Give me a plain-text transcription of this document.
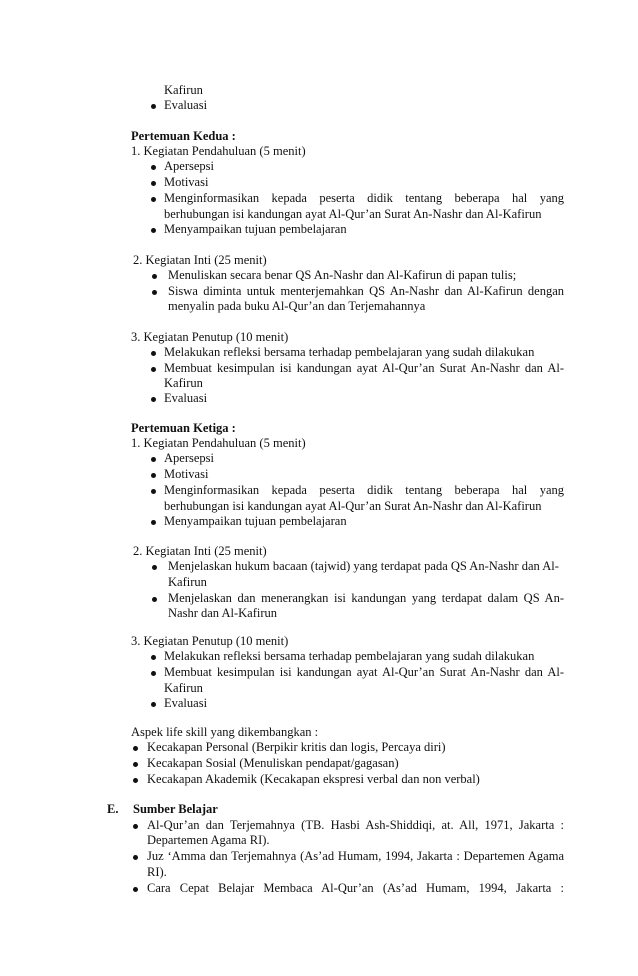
Kafirun
Evaluasi
Pertemuan Kedua :
1. Kegiatan Pendahuluan (5 menit)
Apersepsi
Motivasi
Menginformasikan kepada peserta didik tentang beberapa hal yang
berhubungan isi kandungan ayat Al-Qur’an Surat An-Nashr dan Al-Kafirun
Menyampaikan tujuan pembelajaran
2. Kegiatan Inti (25 menit)
Menuliskan secara benar QS An-Nashr dan Al-Kafirun di papan tulis;
Siswa diminta untuk menterjemahkan QS An-Nashr dan Al-Kafirun dengan
menyalin pada buku Al-Qur’an dan Terjemahannya
3. Kegiatan Penutup (10 menit)
Melakukan refleksi bersama terhadap pembelajaran yang sudah dilakukan
Membuat kesimpulan isi kandungan ayat Al-Qur’an Surat An-Nashr dan Al-
Kafirun
Evaluasi
Pertemuan Ketiga :
1. Kegiatan Pendahuluan (5 menit)
Apersepsi
Motivasi
Menginformasikan kepada peserta didik tentang beberapa hal yang
berhubungan isi kandungan ayat Al-Qur’an Surat An-Nashr dan Al-Kafirun
Menyampaikan tujuan pembelajaran
2. Kegiatan Inti (25 menit)
Menjelaskan hukum bacaan (tajwid) yang terdapat pada QS An-Nashr dan Al-
Kafirun
Menjelaskan dan menerangkan isi kandungan yang terdapat dalam QS An-
Nashr dan Al-Kafirun
3. Kegiatan Penutup (10 menit)
Melakukan refleksi bersama terhadap pembelajaran yang sudah dilakukan
Membuat kesimpulan isi kandungan ayat Al-Qur’an Surat An-Nashr dan Al-
Kafirun
Evaluasi
Aspek life skill yang dikembangkan :
Kecakapan Personal (Berpikir kritis dan logis, Percaya diri)
Kecakapan Sosial (Menuliskan pendapat/gagasan)
Kecakapan Akademik (Kecakapan ekspresi verbal dan non verbal)
E. Sumber Belajar
Al-Qur’an dan Terjemahnya (TB. Hasbi Ash-Shiddiqi, at. All, 1971, Jakarta :
Departemen Agama RI).
Juz ‘Amma dan Terjemahnya (As’ad Humam, 1994, Jakarta : Departemen Agama
RI).
Cara Cepat Belajar Membaca Al-Qur’an (As’ad Humam, 1994, Jakarta :
